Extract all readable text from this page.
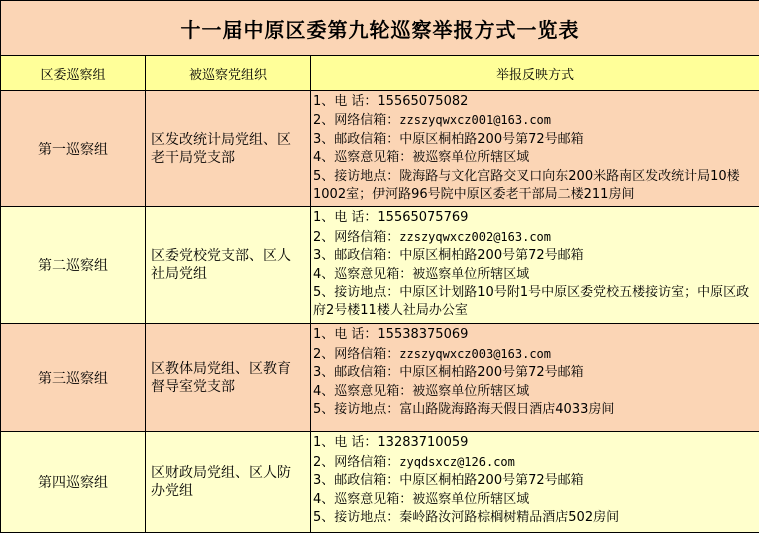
十一届中原区委第九轮巡察举报方式一览表		
区委巡察组	被巡察党组织	举报反映方式
第一巡察组	区发改统计局党组、区老干局党支部	1、电 话：15565075082
2、网络信箱：zzszyqwxcz001@163.com
3、邮政信箱：中原区桐柏路200号第72号邮箱
4、巡察意见箱：被巡察单位所辖区域
5、接访地点：陇海路与文化宫路交叉口向东200米路南区发改统计局10楼1002室；伊河路96号院中原区委老干部局二楼211房间

第二巡察组	区委党校党支部、区人社局党组	1、电 话：15565075769
2、网络信箱：zzszyqwxcz002@163.com
3、邮政信箱：中原区桐柏路200号第72号邮箱
4、巡察意见箱：被巡察单位所辖区域
5、接访地点：中原区计划路10号附1号中原区委党校五楼接访室；中原区政府2号楼11楼人社局办公室

第三巡察组	区教体局党组、区教育督导室党支部	1、电 话：15538375069
2、网络信箱：zzszyqwxcz003@163.com
3、邮政信箱：中原区桐柏路200号第72号邮箱
4、巡察意见箱：被巡察单位所辖区域
5、接访地点：富山路陇海路海天假日酒店4033房间

第四巡察组	区财政局党组、区人防办党组	1、电 话：13283710059
2、网络信箱：zyqdsxcz@126.com
3、邮政信箱：中原区桐柏路200号第72号邮箱
4、巡察意见箱：被巡察单位所辖区域
5、接访地点：秦岭路汝河路棕榈树精品酒店502房间
